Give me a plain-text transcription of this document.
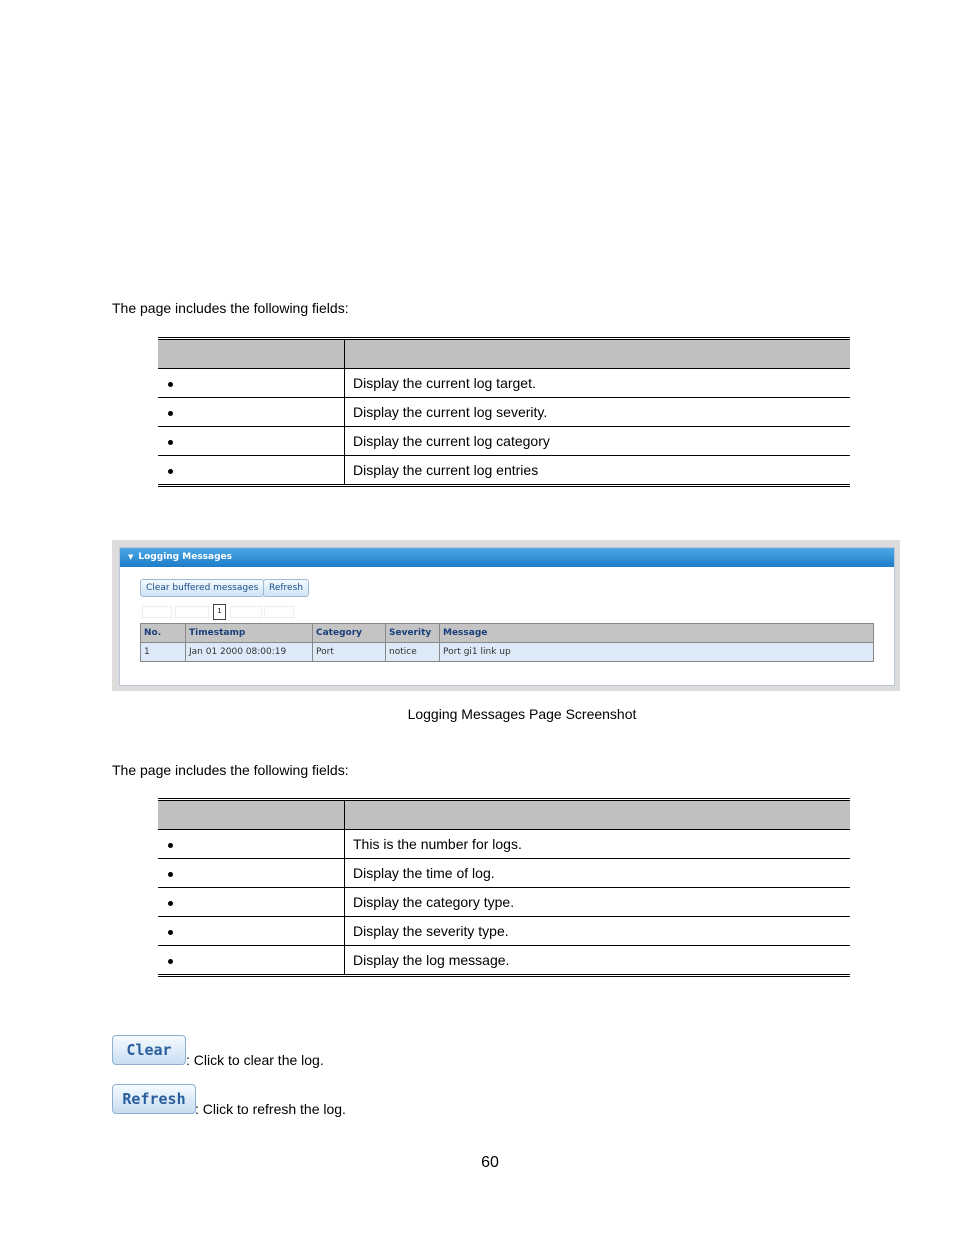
The page includes the following fields:

	Display the current log target.
	Display the current log severity.
	Display the current log category
	Display the current log entries
▼ Logging Messages
Clear buffered messages	Refresh
1
No.	Timestamp	Category	Severity	Message
1	Jan 01 2000 08:00:19	Port	notice	Port gi1 link up
Logging Messages Page Screenshot
The page includes the following fields:

	This is the number for logs.
	Display the time of log.
	Display the category type.
	Display the severity type.
	Display the log message.
Clear
: Click to clear the log.
Refresh
: Click to refresh the log.
60
